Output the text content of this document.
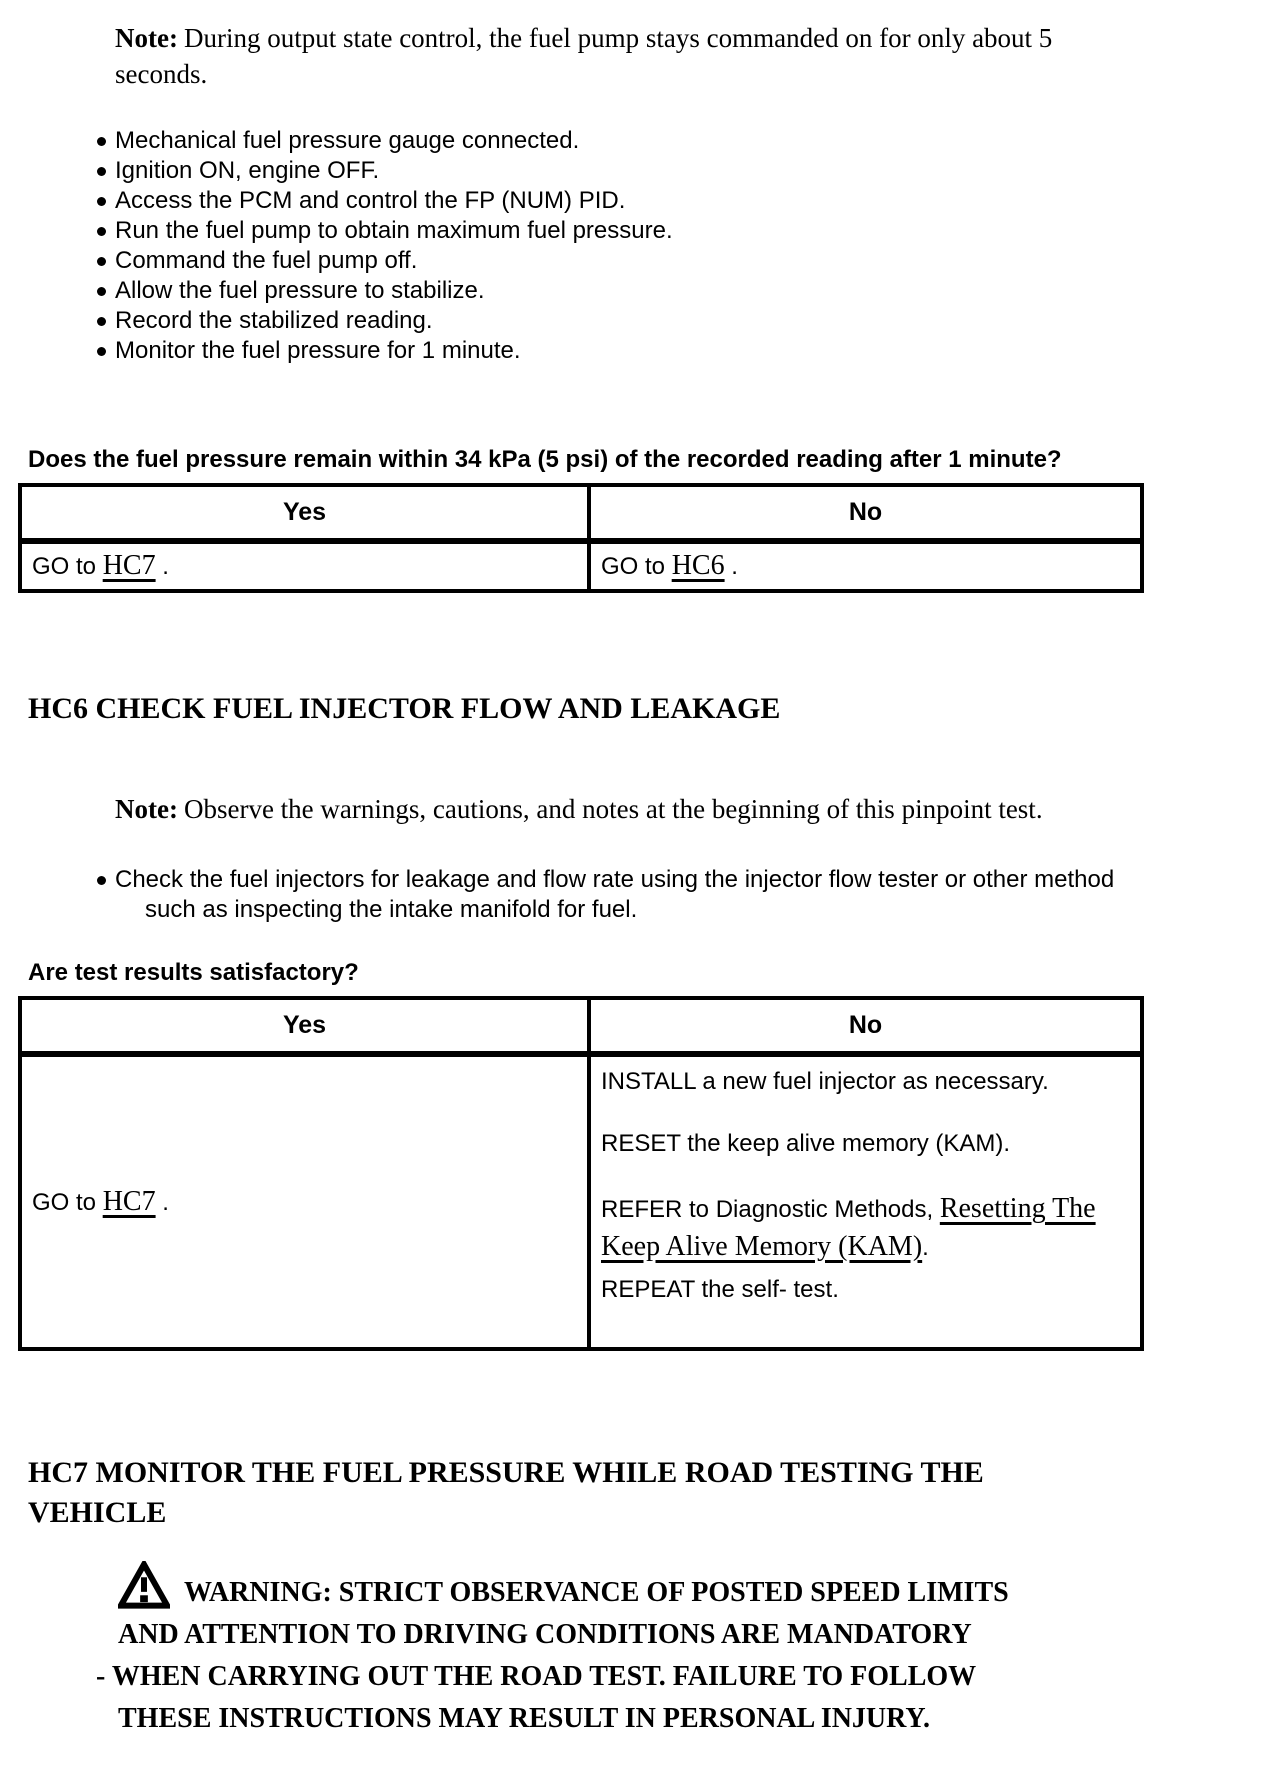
Note: During output state control, the fuel pump stays commanded on for only about 5 seconds.

Mechanical fuel pressure gauge connected.
Ignition ON, engine OFF.
Access the PCM and control the FP (NUM) PID.
Run the fuel pump to obtain maximum fuel pressure.
Command the fuel pump off.
Allow the fuel pressure to stabilize.
Record the stabilized reading.
Monitor the fuel pressure for 1 minute.

Does the fuel pressure remain within 34 kPa (5 psi) of the recorded reading after 1 minute?

Yes	No
GO to HC7 .	GO to HC6 .
HC6 CHECK FUEL INJECTOR FLOW AND LEAKAGE

Note: Observe the warnings, cautions, and notes at the beginning of this pinpoint test.

Check the fuel injectors for leakage and flow rate using the injector flow tester or other method such as inspecting the intake manifold for fuel.

Are test results satisfactory?

Yes	No
GO to HC7 .	INSTALL a new fuel injector as necessary.

RESET the keep alive memory (KAM).

REFER to Diagnostic Methods, Resetting The Keep Alive Memory (KAM).

REPEAT the self- test.

HC7 MONITOR THE FUEL PRESSURE WHILE ROAD TESTING THE VEHICLE
WARNING: STRICT OBSERVANCE OF POSTED SPEED LIMITS
AND ATTENTION TO DRIVING CONDITIONS ARE MANDATORY
- WHEN CARRYING OUT THE ROAD TEST. FAILURE TO FOLLOW
THESE INSTRUCTIONS MAY RESULT IN PERSONAL INJURY.
